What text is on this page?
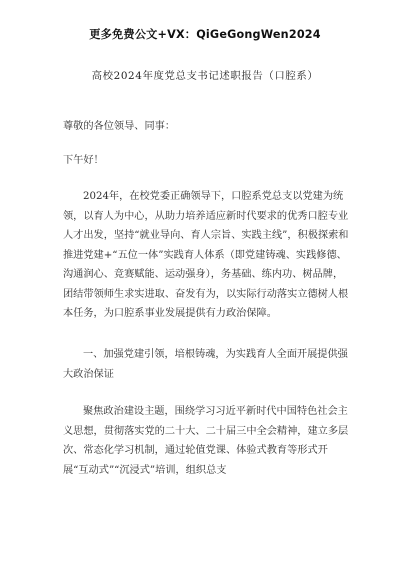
更多免费公文+VX：QiGeGongWen2024
高校2024年度党总支书记述职报告（口腔系）
尊敬的各位领导、同事：
下午好！
2024年，在校党委正确领导下，口腔系党总支以党建为统领，以育人为中心，从助力培养适应新时代要求的优秀口腔专业人才出发，坚持“就业导向、育人宗旨、实践主线”，积极探索和推进党建+“五位一体”实践育人体系（即党建铸魂、实践修德、沟通润心、竞赛赋能、运动强身），务基础、练内功、树品牌，团结带领师生求实进取、奋发有为，以实际行动落实立德树人根本任务，为口腔系事业发展提供有力政治保障。
一、加强党建引领，培根铸魂，为实践育人全面开展提供强大政治保证
聚焦政治建设主题，围绕学习习近平新时代中国特色社会主义思想，贯彻落实党的二十大、二十届三中全会精神，建立多层次、常态化学习机制，通过轮值党课、体验式教育等形式开展“互动式”“沉浸式”培训，组织总支
